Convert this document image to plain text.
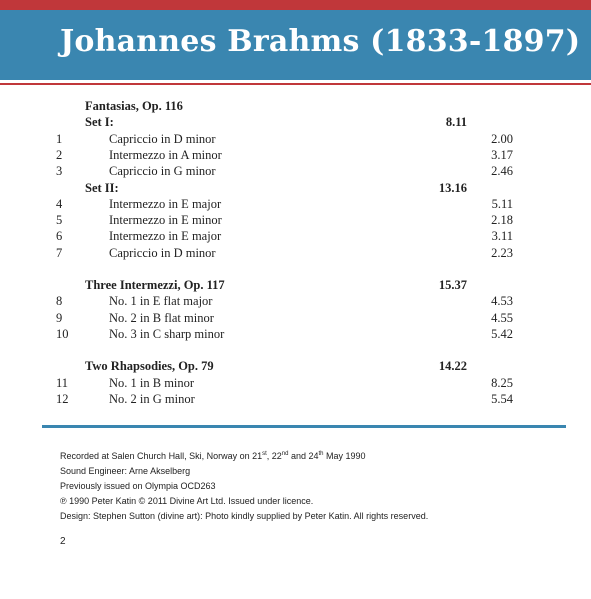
Johannes Brahms (1833-1897)
Fantasias, Op. 116
Set I:	8.11
1	Capriccio in D minor	2.00
2	Intermezzo in A minor	3.17
3	Capriccio in G minor	2.46
Set II:	13.16
4	Intermezzo in E major	5.11
5	Intermezzo in E minor	2.18
6	Intermezzo in E major	3.11
7	Capriccio in D minor	2.23
Three Intermezzi, Op. 117	15.37
8	No. 1 in E flat major	4.53
9	No. 2 in B flat minor	4.55
10	No. 3 in C sharp minor	5.42
Two Rhapsodies, Op. 79	14.22
11	No. 1 in B minor	8.25
12	No. 2 in G minor	5.54
Recorded at Salen Church Hall, Ski, Norway on 21st, 22nd and 24th May 1990
Sound Engineer: Arne Akselberg
Previously issued on Olympia OCD263
℗ 1990 Peter Katin © 2011 Divine Art Ltd. Issued under licence.
Design: Stephen Sutton (divine art): Photo kindly supplied by Peter Katin. All rights reserved.
2
